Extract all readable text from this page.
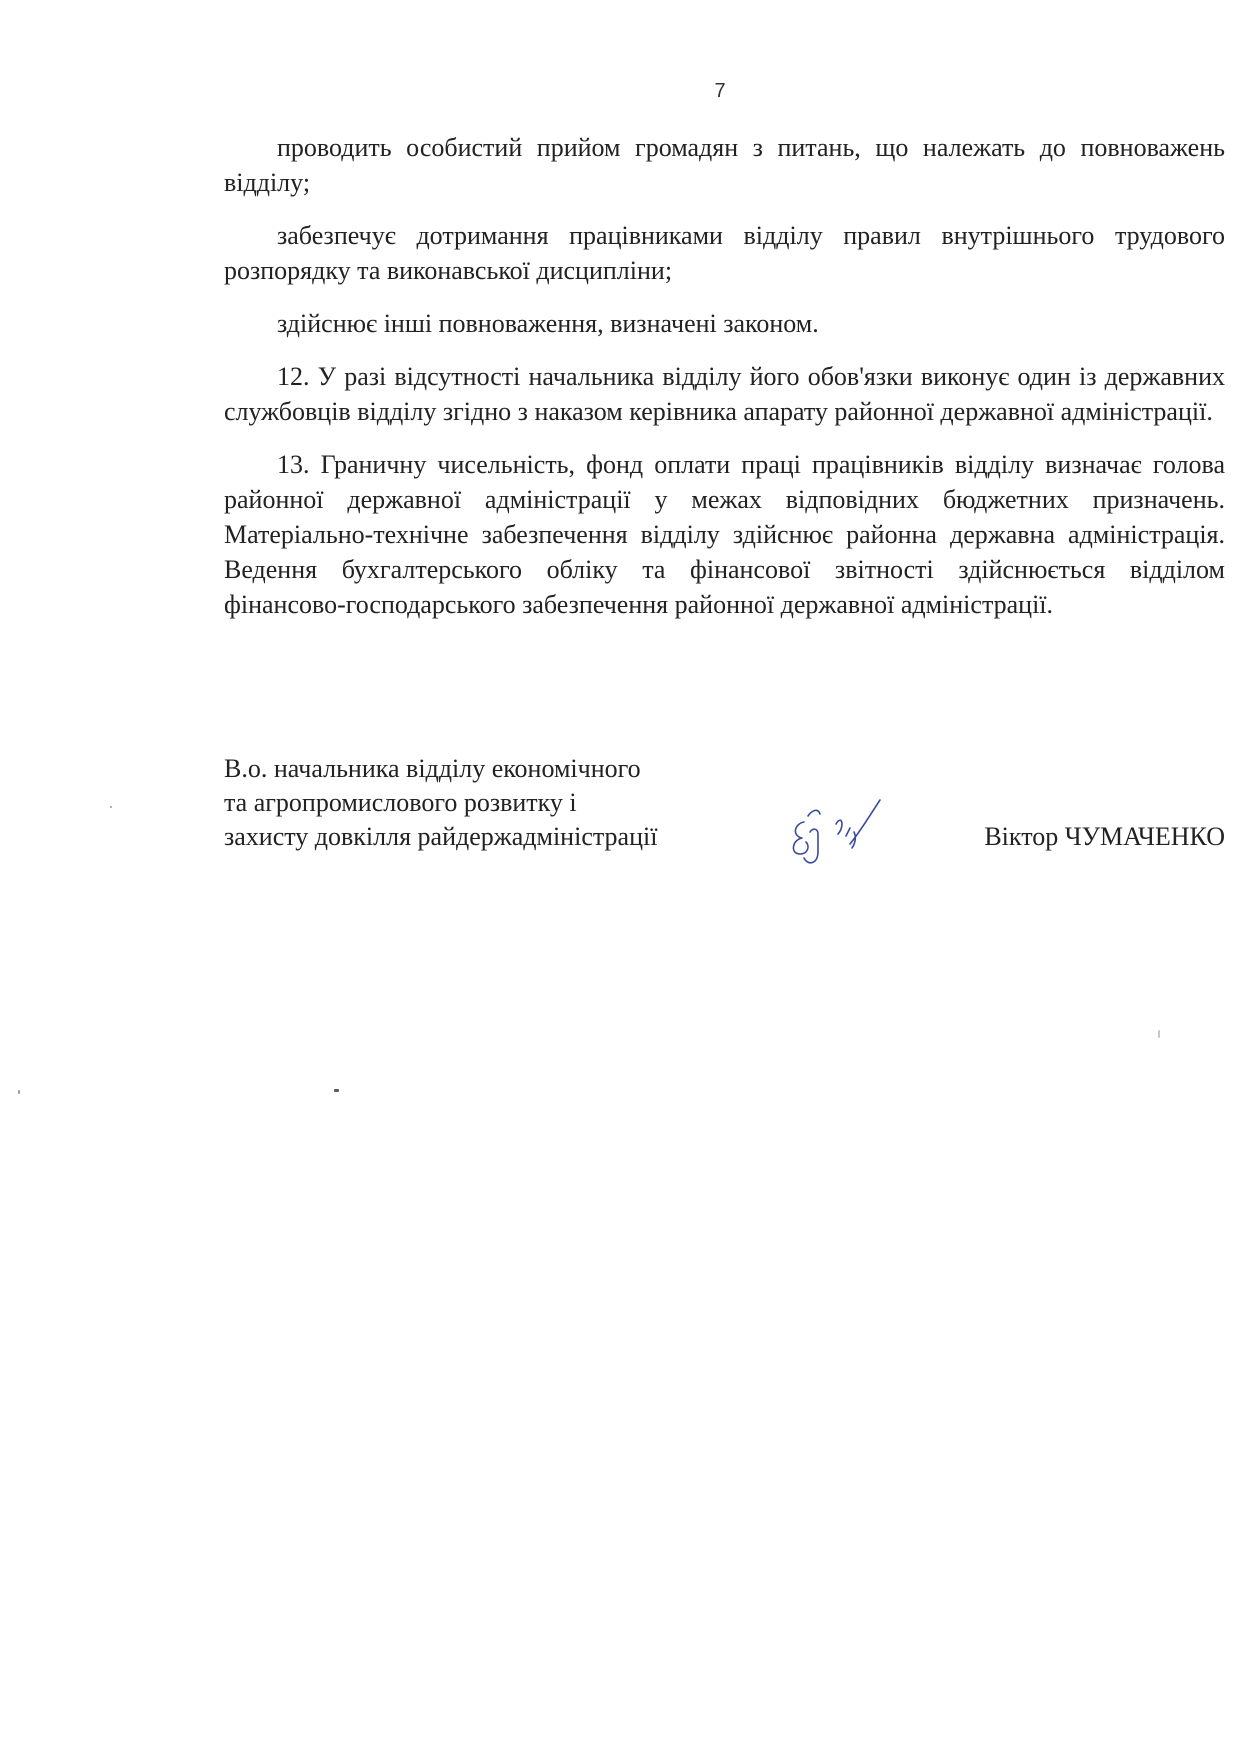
7

проводить особистий прийом громадян з питань, що належать до повноважень відділу;

забезпечує дотримання працівниками відділу правил внутрішнього трудового розпорядку та виконавської дисципліни;

здійснює інші повноваження, визначені законом.

12. У разі відсутності начальника відділу його обов'язки виконує один із державних службовців відділу згідно з наказом керівника апарату районної державної адміністрації.

13. Граничну чисельність, фонд оплати праці працівників відділу визначає голова районної державної адміністрації у межах відповідних бюджетних призначень. Матеріально-технічне забезпечення відділу здійснює районна державна адміністрація. Ведення бухгалтерського обліку та фінансової звітності здійснюється відділом фінансово-господарського забезпечення районної державної адміністрації.

В.о. начальника відділу економічного
та агропромислового розвитку і
захисту довкілля райдержадміністрації	Віктор ЧУМАЧЕНКО
